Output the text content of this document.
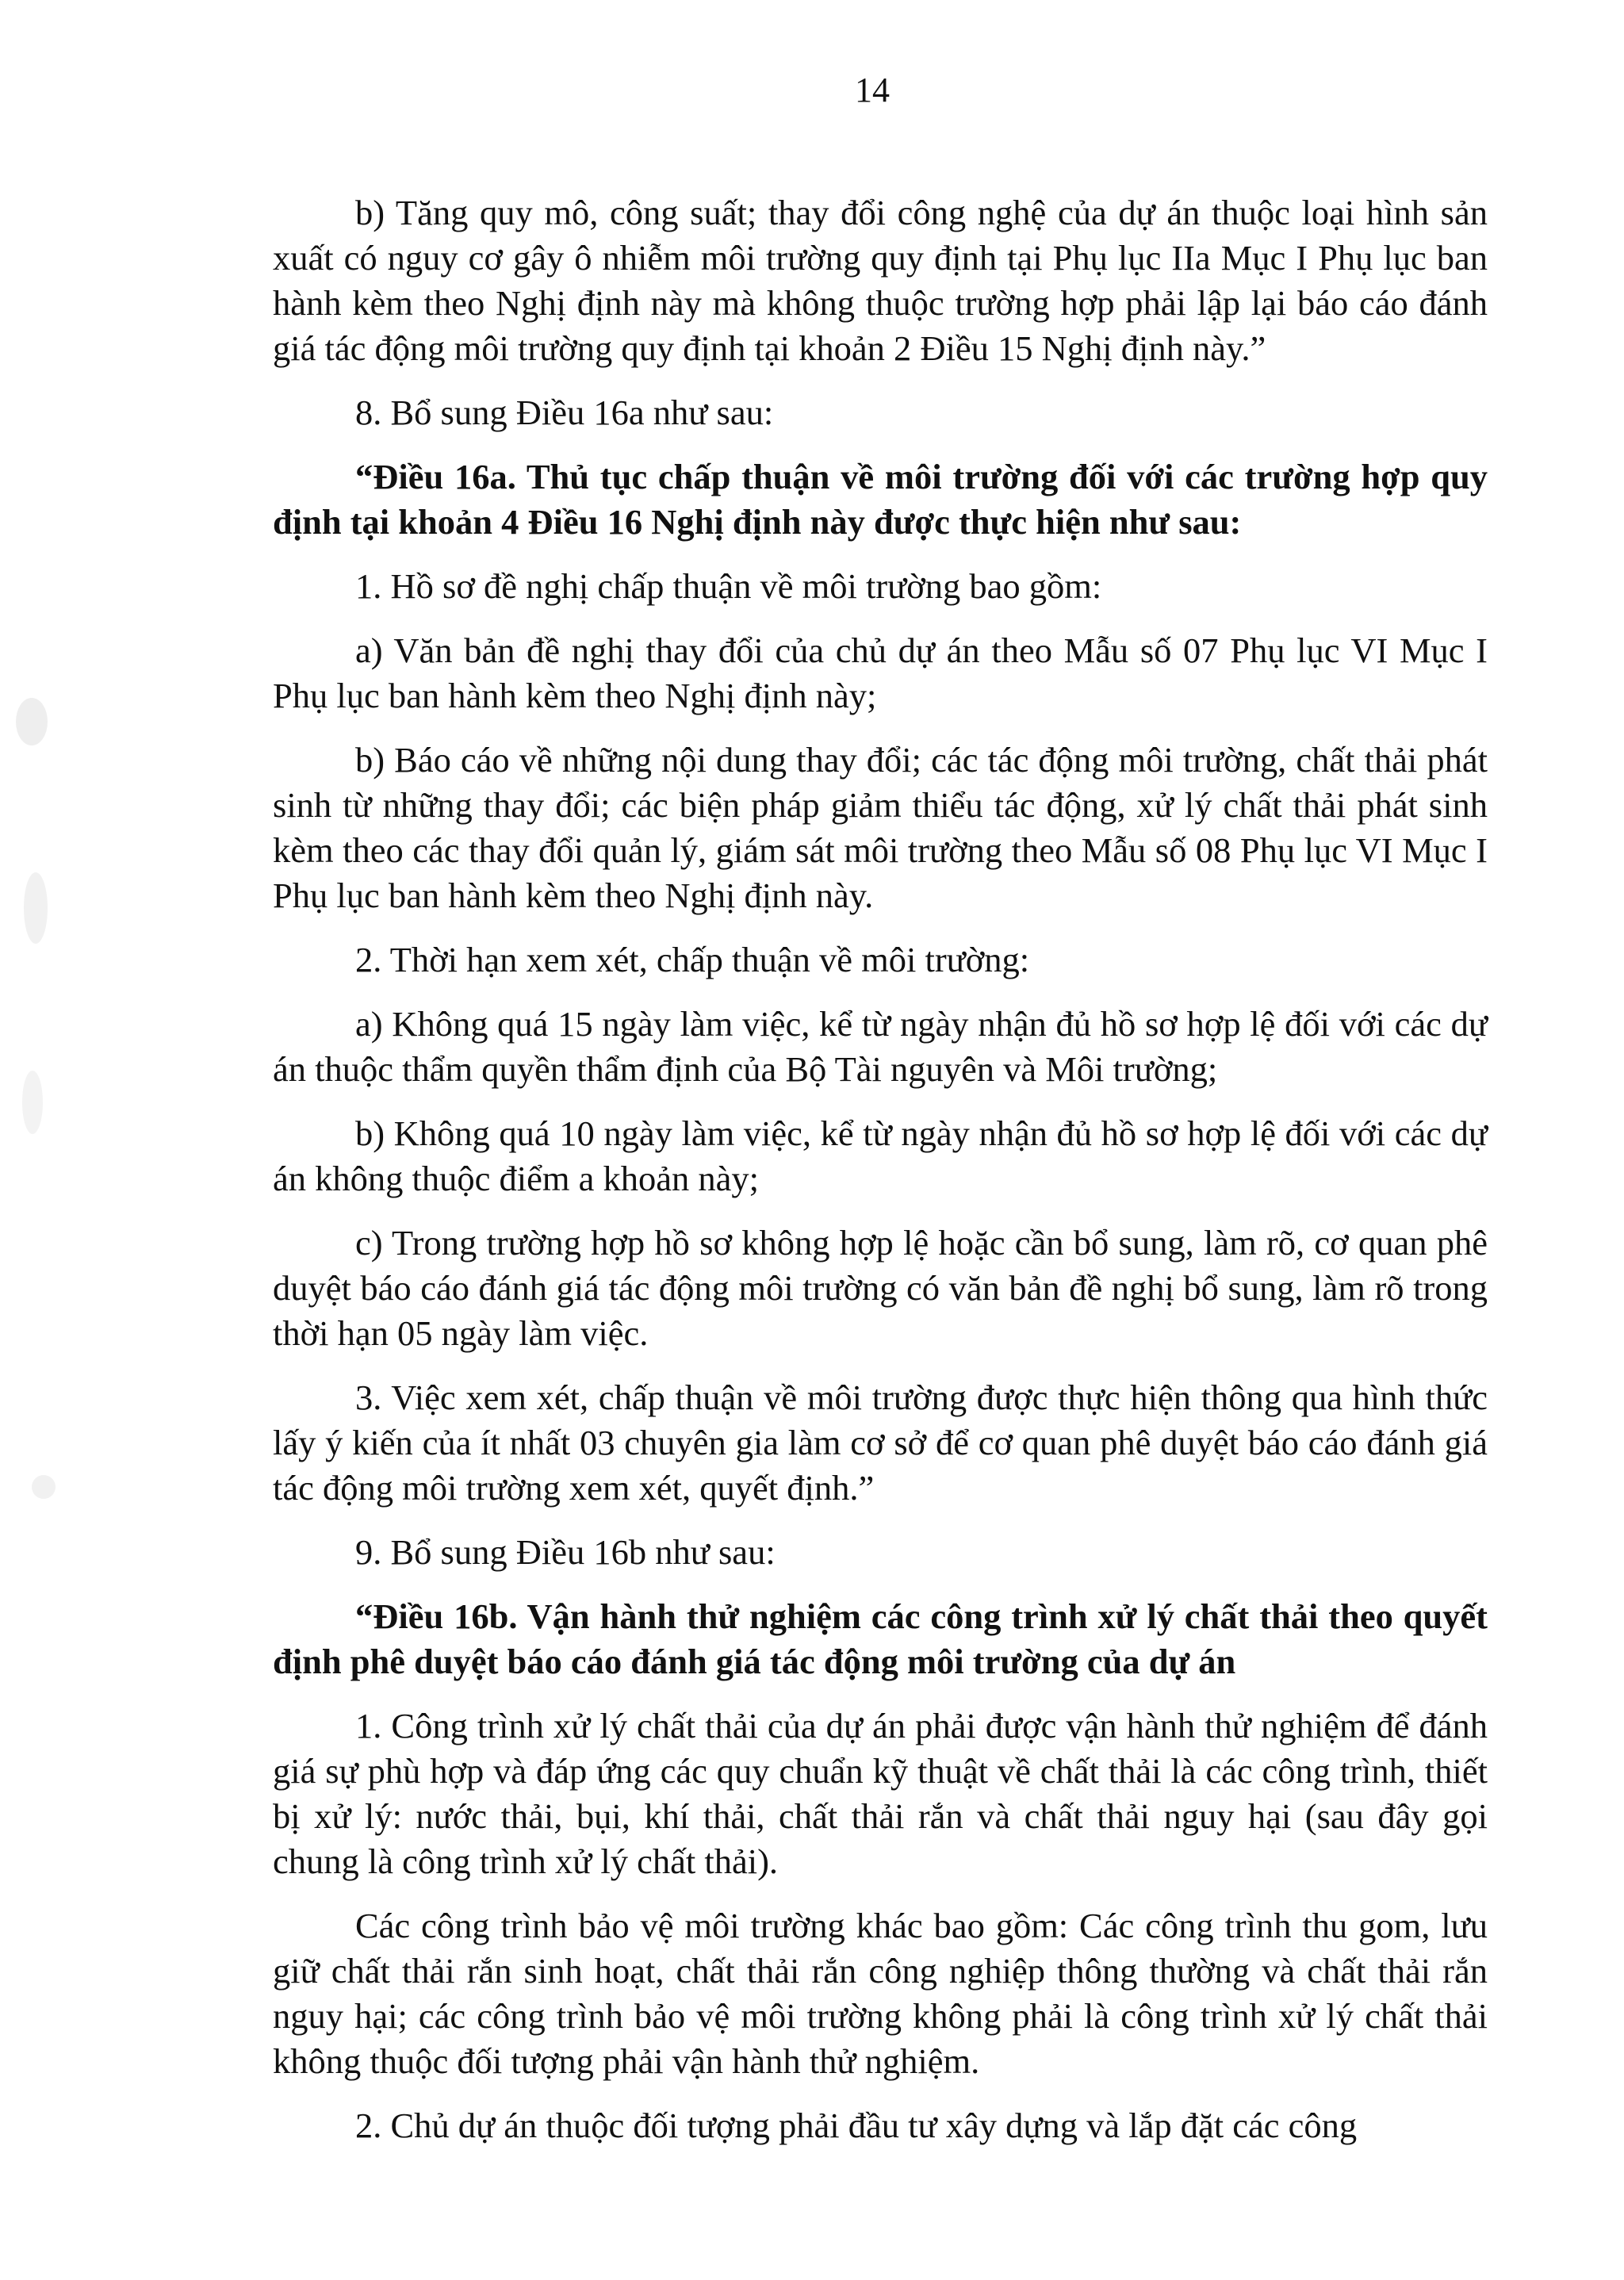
14

b) Tăng quy mô, công suất; thay đổi công nghệ của dự án thuộc loại hình sản xuất có nguy cơ gây ô nhiễm môi trường quy định tại Phụ lục IIa Mục I Phụ lục ban hành kèm theo Nghị định này mà không thuộc trường hợp phải lập lại báo cáo đánh giá tác động môi trường quy định tại khoản 2 Điều 15 Nghị định này.”

8. Bổ sung Điều 16a như sau:

“Điều 16a. Thủ tục chấp thuận về môi trường đối với các trường hợp quy định tại khoản 4 Điều 16 Nghị định này được thực hiện như sau:

1. Hồ sơ đề nghị chấp thuận về môi trường bao gồm:

a) Văn bản đề nghị thay đổi của chủ dự án theo Mẫu số 07 Phụ lục VI Mục I Phụ lục ban hành kèm theo Nghị định này;

b) Báo cáo về những nội dung thay đổi; các tác động môi trường, chất thải phát sinh từ những thay đổi; các biện pháp giảm thiểu tác động, xử lý chất thải phát sinh kèm theo các thay đổi quản lý, giám sát môi trường theo Mẫu số 08 Phụ lục VI Mục I Phụ lục ban hành kèm theo Nghị định này.

2. Thời hạn xem xét, chấp thuận về môi trường:

a) Không quá 15 ngày làm việc, kể từ ngày nhận đủ hồ sơ hợp lệ đối với các dự án thuộc thẩm quyền thẩm định của Bộ Tài nguyên và Môi trường;

b) Không quá 10 ngày làm việc, kể từ ngày nhận đủ hồ sơ hợp lệ đối với các dự án không thuộc điểm a khoản này;

c) Trong trường hợp hồ sơ không hợp lệ hoặc cần bổ sung, làm rõ, cơ quan phê duyệt báo cáo đánh giá tác động môi trường có văn bản đề nghị bổ sung, làm rõ trong thời hạn 05 ngày làm việc.

3. Việc xem xét, chấp thuận về môi trường được thực hiện thông qua hình thức lấy ý kiến của ít nhất 03 chuyên gia làm cơ sở để cơ quan phê duyệt báo cáo đánh giá tác động môi trường xem xét, quyết định.”

9. Bổ sung Điều 16b như sau:

“Điều 16b. Vận hành thử nghiệm các công trình xử lý chất thải theo quyết định phê duyệt báo cáo đánh giá tác động môi trường của dự án

1. Công trình xử lý chất thải của dự án phải được vận hành thử nghiệm để đánh giá sự phù hợp và đáp ứng các quy chuẩn kỹ thuật về chất thải là các công trình, thiết bị xử lý: nước thải, bụi, khí thải, chất thải rắn và chất thải nguy hại (sau đây gọi chung là công trình xử lý chất thải).

Các công trình bảo vệ môi trường khác bao gồm: Các công trình thu gom, lưu giữ chất thải rắn sinh hoạt, chất thải rắn công nghiệp thông thường và chất thải rắn nguy hại; các công trình bảo vệ môi trường không phải là công trình xử lý chất thải không thuộc đối tượng phải vận hành thử nghiệm.

2. Chủ dự án thuộc đối tượng phải đầu tư xây dựng và lắp đặt các công
